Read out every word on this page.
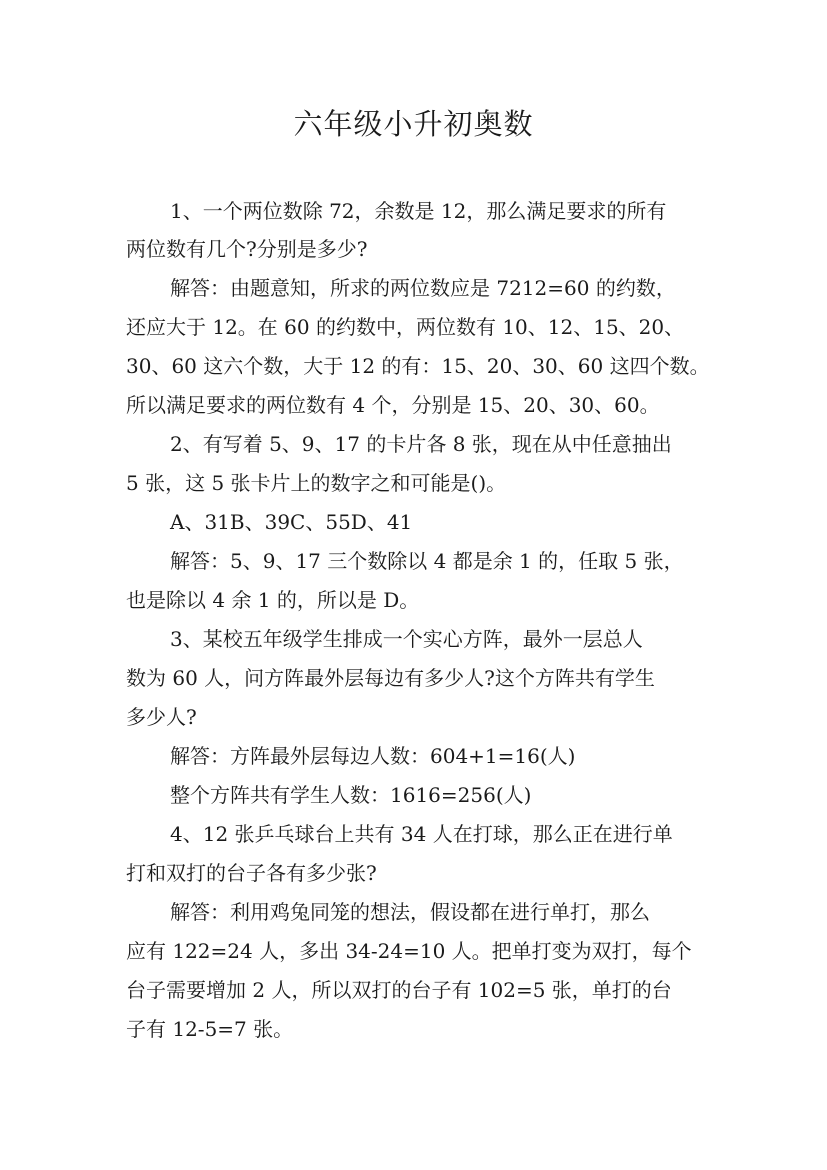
六年级小升初奥数
1、一个两位数除 72，余数是 12，那么满足要求的所有
两位数有几个?分别是多少?
解答：由题意知，所求的两位数应是 7212=60 的约数，
还应大于 12。在 60 的约数中，两位数有 10、12、15、20、
30、60 这六个数，大于 12 的有：15、20、30、60 这四个数。
所以满足要求的两位数有 4 个，分别是 15、20、30、60。
2、有写着 5、9、17 的卡片各 8 张，现在从中任意抽出
5 张，这 5 张卡片上的数字之和可能是()。
A、31B、39C、55D、41
解答：5、9、17 三个数除以 4 都是余 1 的，任取 5 张，
也是除以 4 余 1 的，所以是 D。
3、某校五年级学生排成一个实心方阵，最外一层总人
数为 60 人，问方阵最外层每边有多少人?这个方阵共有学生
多少人?
解答：方阵最外层每边人数：604+1=16(人)
整个方阵共有学生人数：1616=256(人)
4、12 张乒乓球台上共有 34 人在打球，那么正在进行单
打和双打的台子各有多少张?
解答：利用鸡兔同笼的想法，假设都在进行单打，那么
应有 122=24 人，多出 34-24=10 人。把单打变为双打，每个
台子需要增加 2 人，所以双打的台子有 102=5 张，单打的台
子有 12-5=7 张。
